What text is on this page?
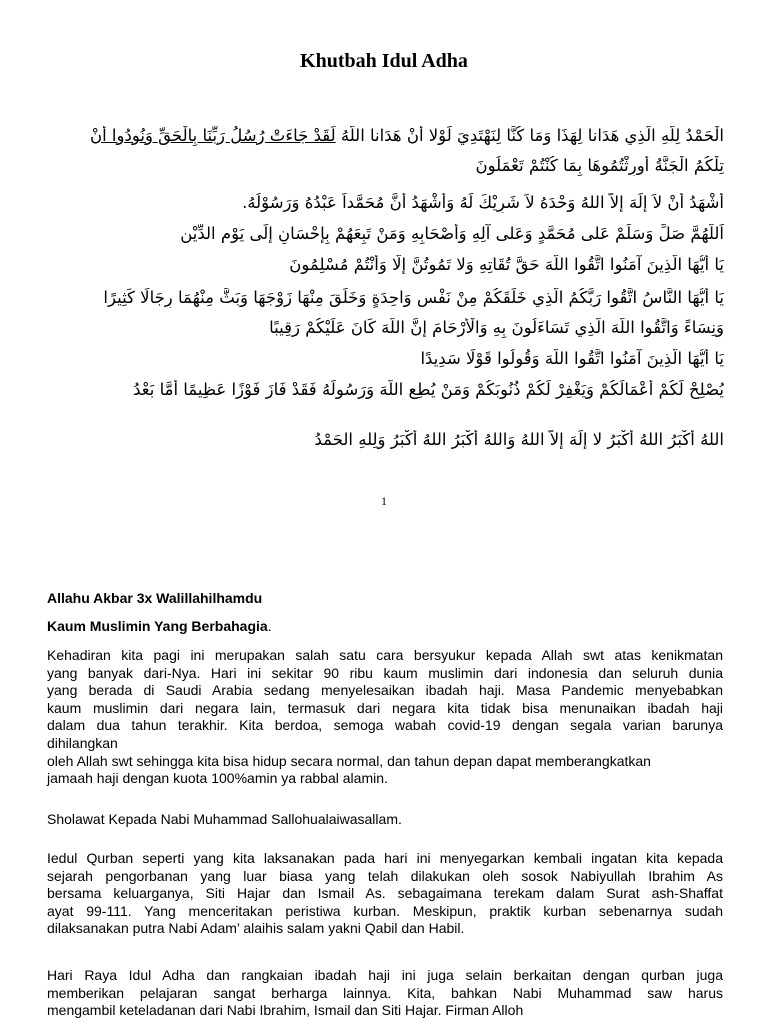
Khutbah Idul Adha
الْحَمْدُ لِلَّهِ الَّذِي هَدَانا لِهَذَا وَمَا كُنَّا لِنَهْتَدِيَ لَوْلا أَنْ هَدَانا اللَّهُ لَقَدْ جَاءَتْ رُسُلُ رَبِّنَا بِالْحَقِّ وَنُودُوا أَنْ
تِلْكُمُ الْجَنَّةُ أُورِثْتُمُوهَا بِمَا كُنْتُمْ تَعْمَلُونَ
أَشْهَدُ أَنْ لاَ إِلَهَ إِلاَّ اللهُ وَحْدَهُ لاَ شَرِيْكَ لَهُ وَأَشْهَدُ أَنَّ مُحَمَّداً عَبْدُهُ وَرَسُوْلُهُ.
اَللَّهُمَّ صَلِّ وَسَلِّمْ عَلى مُحَمَّدٍ وَعَلى آلِهِ وَأَصْحَابِهِ وَمَنْ تَبِعَهُمْ بِإِحْسَانٍ إِلَى يَوْمِ الدِّيْنِ
يَا أَيُّهَا الَّذِينَ آمَنُوا اتَّقُوا اللَّهَ حَقَّ تُقَاتِهِ وَلا تَمُوتُنَّ إِلَّا وَأَنْتُمْ مُسْلِمُونَ
يَا أَيُّهَا النَّاسُ اتَّقُوا رَبَّكُمُ الَّذِي خَلَقَكُمْ مِنْ نَفْسٍ وَاحِدَةٍ وَخَلَقَ مِنْهَا زَوْجَهَا وَبَثَّ مِنْهُمَا رِجَالًا كَثِيرًا
وَنِسَاءً وَاتَّقُوا اللَّهَ الَّذِي تَسَاءَلُونَ بِهِ وَالْأَرْحَامَ إِنَّ اللَّهَ كَانَ عَلَيْكُمْ رَقِيبًا
يَا أَيُّهَا الَّذِينَ آمَنُوا اتَّقُوا اللَّهَ وَقُولُوا قَوْلًا سَدِيدًا
يُصْلِحْ لَكُمْ أَعْمَالَكُمْ وَيَغْفِرْ لَكُمْ ذُنُوبَكُمْ وَمَنْ يُطِعِ اللَّهَ وَرَسُولَهُ فَقَدْ فَازَ فَوْزًا عَظِيمًا أَمَّا بَعْدُ
اللهُ أَكْبَرُ اللهُ أَكْبَرُ لا إِلَهَ إِلاَّ اللهُ وَاللهُ أَكْبَرُ اللهُ أَكْبَرُ وَلِلهِ الحَمْدُ
1
Allahu Akbar 3x Walillahilhamdu
Kaum Muslimin Yang Berbahagia.
Kehadiran kita pagi ini merupakan salah satu cara bersyukur kepada Allah swt atas kenikmatan
yang banyak dari-Nya. Hari ini sekitar 90 ribu kaum muslimin dari indonesia dan seluruh dunia
yang berada di Saudi Arabia sedang menyelesaikan ibadah haji. Masa Pandemic menyebabkan
kaum muslimin dari negara lain, termasuk dari negara kita tidak bisa menunaikan ibadah haji
dalam dua tahun terakhir. Kita berdoa, semoga wabah covid-19 dengan segala varian barunya
dihilangkan
oleh Allah swt sehingga kita bisa hidup secara normal, dan tahun depan dapat memberangkatkan
jamaah haji dengan kuota 100%amin ya rabbal alamin.
Sholawat Kepada Nabi Muhammad Sallohualaiwasallam.
Iedul Qurban seperti yang kita laksanakan pada hari ini menyegarkan kembali ingatan kita kepada
sejarah pengorbanan yang luar biasa yang telah dilakukan oleh sosok Nabiyullah Ibrahim As
bersama keluarganya, Siti Hajar dan Ismail As. sebagaimana terekam dalam Surat ash-Shaffat
ayat 99-111. Yang menceritakan peristiwa kurban. Meskipun, praktik kurban sebenarnya sudah
dilaksanakan putra Nabi Adam’ alaihis salam yakni Qabil dan Habil.
Hari Raya Idul Adha dan rangkaian ibadah haji ini juga selain berkaitan dengan qurban juga
memberikan pelajaran sangat berharga lainnya. Kita, bahkan Nabi Muhammad saw harus
mengambil keteladanan dari Nabi Ibrahim, Ismail dan Siti Hajar. Firman Alloh
